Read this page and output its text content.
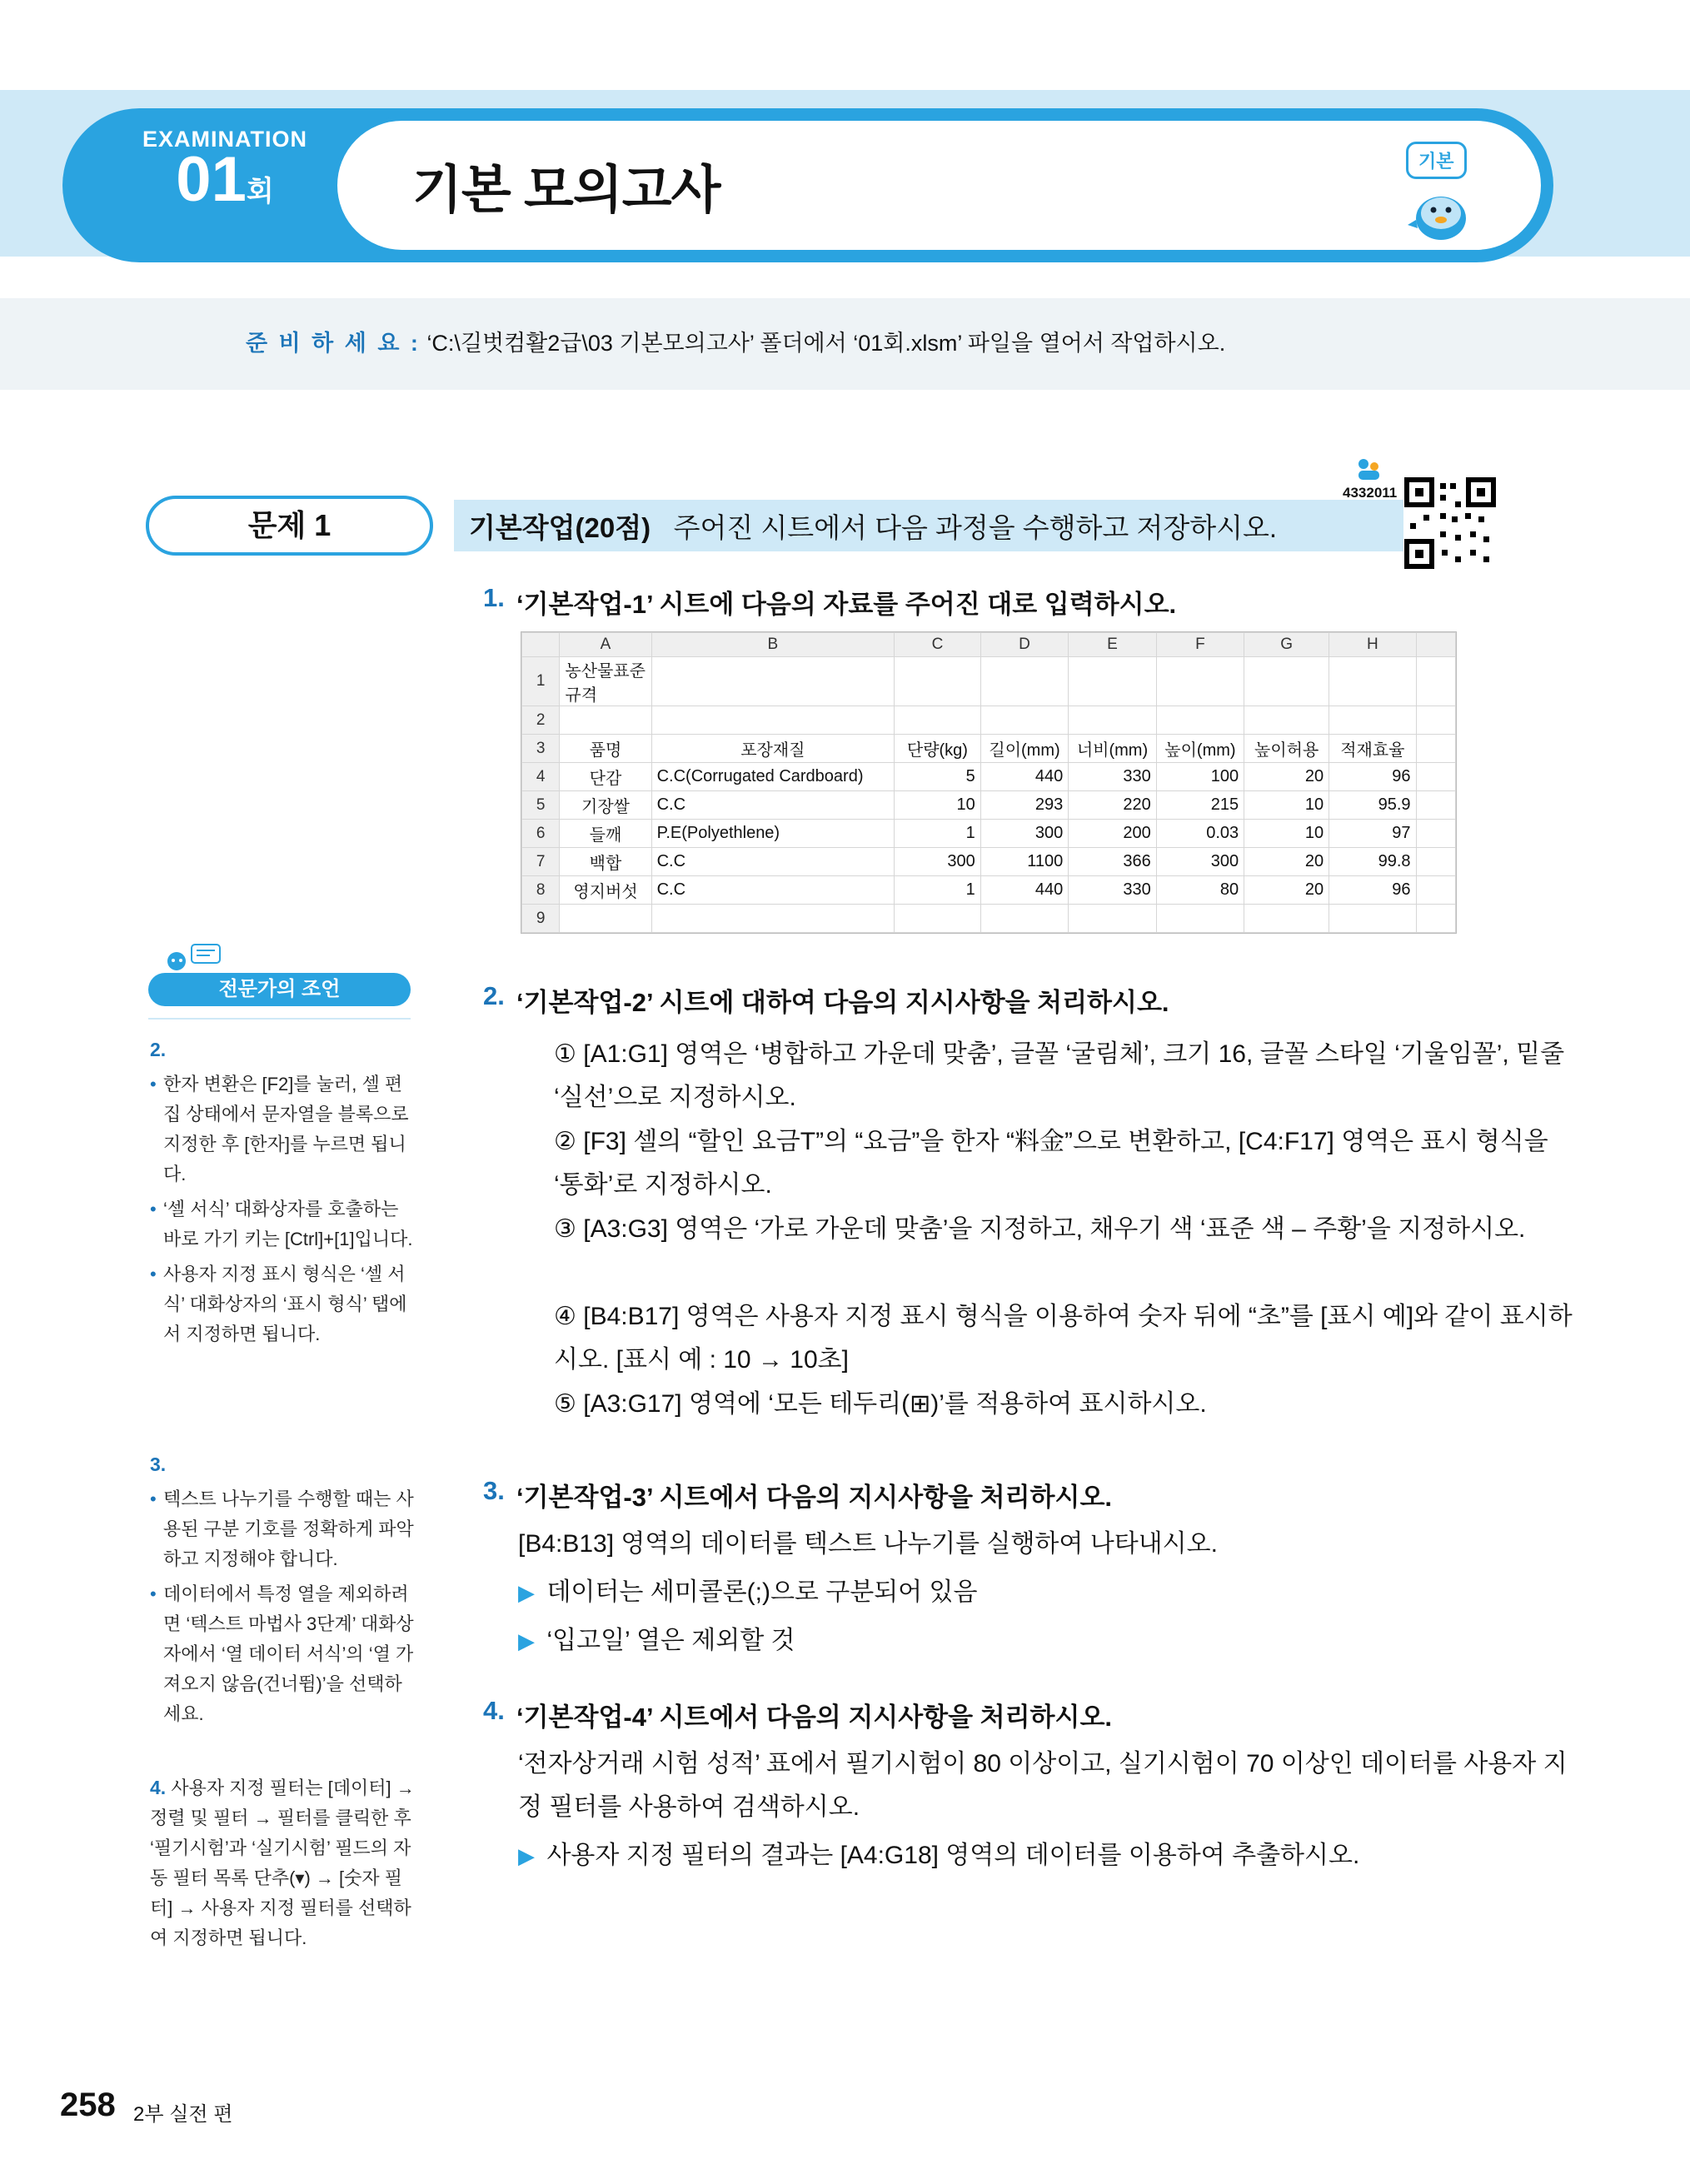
EXAMINATION
01회	기본 모의고사
기본
준 비 하 세 요 : ‘C:\길벗컴활2급\03 기본모의고사’ 폴더에서 ‘01회.xlsm’ 파일을 열어서 작업하시오.
문제 1	기본작업(20점) 주어진 시트에서 다음 과정을 수행하고 저장하시오.
4332011
1. ‘기본작업-1’ 시트에 다음의 자료를 주어진 대로 입력하시오.
	A	B	C	D	E	F	G	H	
1	농산물표준규격								
2									
3	품명	포장재질	단량(kg)	길이(mm)	너비(mm)	높이(mm)	높이허용	적재효율	
4	단감	C.C(Corrugated Cardboard)	5	440	330	100	20	96	
5	기장쌀	C.C	10	293	220	215	10	95.9	
6	들깨	P.E(Polyethlene)	1	300	200	0.03	10	97	
7	백합	C.C	300	1100	366	300	20	99.8	
8	영지버섯	C.C	1	440	330	80	20	96	
9									
전문가의 조언
2.
• 한자 변환은 [F2]를 눌러, 셀 편집 상태에서 문자열을 블록으로 지정한 후 [한자]를 누르면 됩니다.
• ‘셀 서식’ 대화상자를 호출하는 바로 가기 키는 [Ctrl]+[1]입니다.
• 사용자 지정 표시 형식은 ‘셀 서식’ 대화상자의 ‘표시 형식’ 탭에서 지정하면 됩니다.
3.
• 텍스트 나누기를 수행할 때는 사용된 구분 기호를 정확하게 파악하고 지정해야 합니다.
• 데이터에서 특정 열을 제외하려면 ‘텍스트 마법사 3단계’ 대화상자에서 ‘열 데이터 서식’의 ‘열 가져오지 않음(건너뜀)’을 선택하세요.
4. 사용자 지정 필터는 [데이터] → 정렬 및 필터 → 필터를 클릭한 후 ‘필기시험’과 ‘실기시험’ 필드의 자동 필터 목록 단추(▾) → [숫자 필터] → 사용자 지정 필터를 선택하여 지정하면 됩니다.
2. ‘기본작업-2’ 시트에 대하여 다음의 지시사항을 처리하시오.
① [A1:G1] 영역은 ‘병합하고 가운데 맞춤’, 글꼴 ‘굴림체’, 크기 16, 글꼴 스타일 ‘기울임꼴’, 밑줄 ‘실선’으로 지정하시오.
② [F3] 셀의 “할인 요금T”의 “요금”을 한자 “料金”으로 변환하고, [C4:F17] 영역은 표시 형식을 ‘통화’로 지정하시오.
③ [A3:G3] 영역은 ‘가로 가운데 맞춤’을 지정하고, 채우기 색 ‘표준 색 – 주황’을 지정하시오.
④ [B4:B17] 영역은 사용자 지정 표시 형식을 이용하여 숫자 뒤에 “초”를 [표시 예]와 같이 표시하시오. [표시 예 : 10 → 10초]
⑤ [A3:G17] 영역에 ‘모든 테두리(⊞)’를 적용하여 표시하시오.
3. ‘기본작업-3’ 시트에서 다음의 지시사항을 처리하시오.
[B4:B13] 영역의 데이터를 텍스트 나누기를 실행하여 나타내시오.
▶ 데이터는 세미콜론(;)으로 구분되어 있음
▶ ‘입고일’ 열은 제외할 것
4. ‘기본작업-4’ 시트에서 다음의 지시사항을 처리하시오.
‘전자상거래 시험 성적’ 표에서 필기시험이 80 이상이고, 실기시험이 70 이상인 데이터를 사용자 지정 필터를 사용하여 검색하시오.
▶ 사용자 지정 필터의 결과는 [A4:G18] 영역의 데이터를 이용하여 추출하시오.
258 2부 실전 편
